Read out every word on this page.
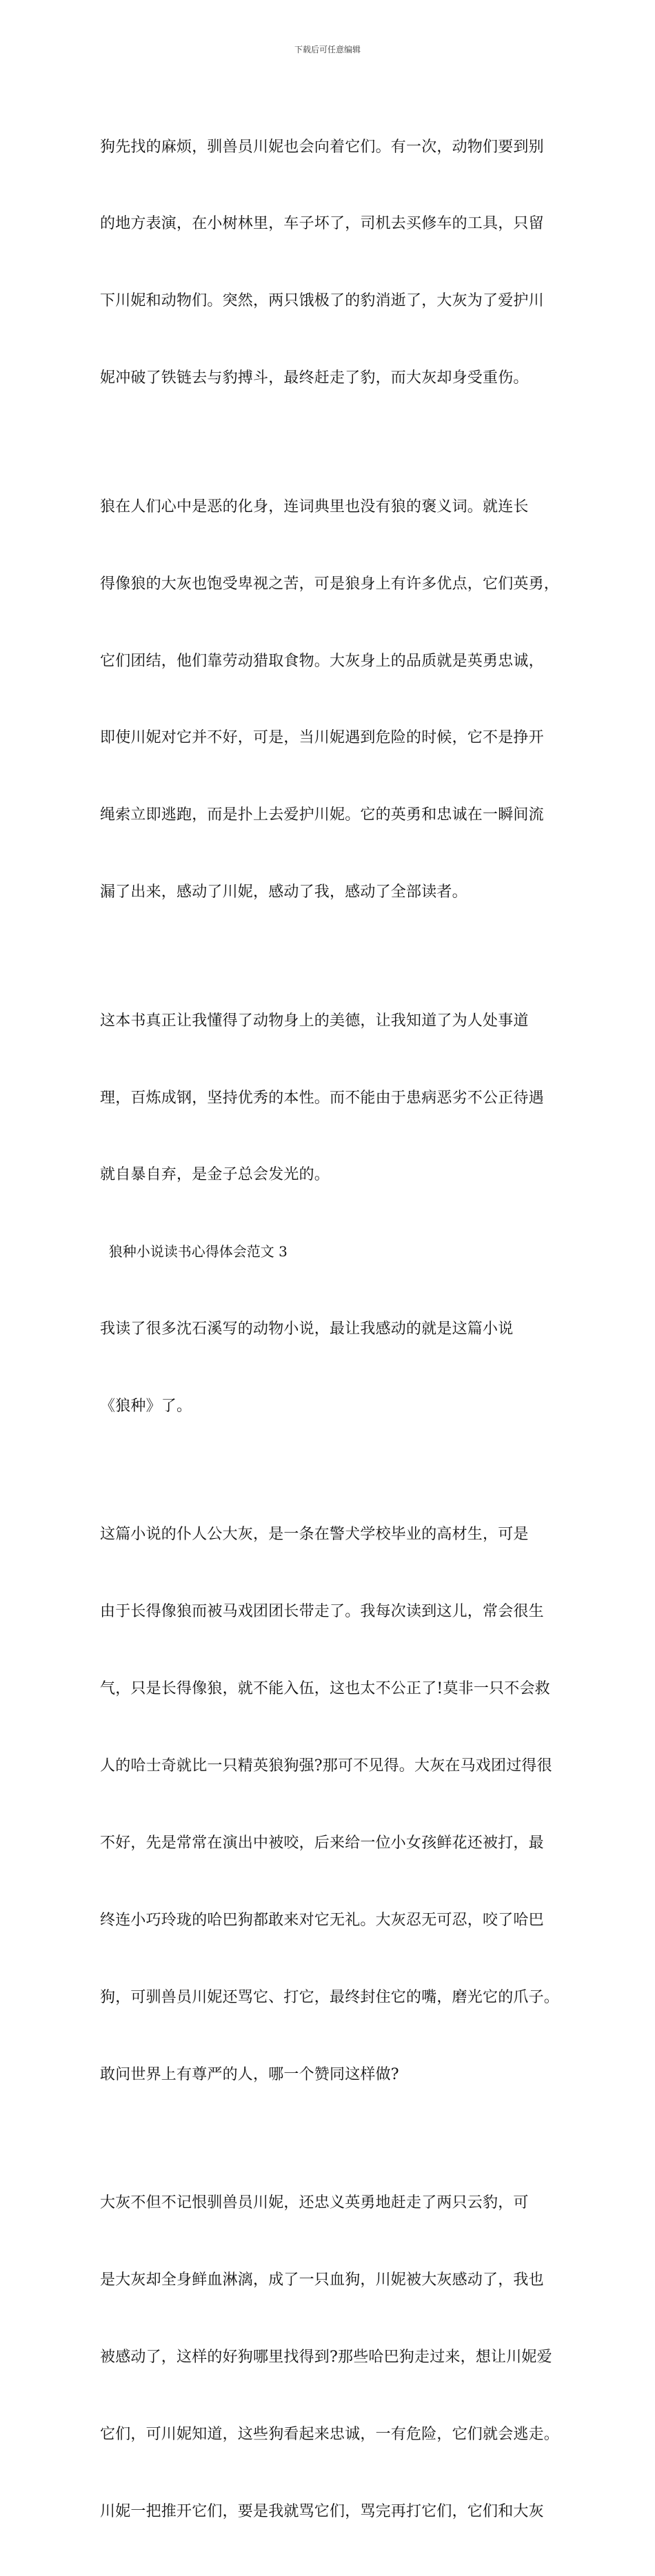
下载后可任意编辑

狗先找的麻烦，驯兽员川妮也会向着它们。有一次，动物们要到别

的地方表演，在小树林里，车子坏了，司机去买修车的工具，只留

下川妮和动物们。突然，两只饿极了的豹消逝了，大灰为了爱护川

妮冲破了铁链去与豹搏斗，最终赶走了豹，而大灰却身受重伤。

狼在人们心中是恶的化身，连词典里也没有狼的褒义词。就连长

得像狼的大灰也饱受卑视之苦，可是狼身上有许多优点，它们英勇，

它们团结，他们靠劳动猎取食物。大灰身上的品质就是英勇忠诚，

即使川妮对它并不好，可是，当川妮遇到危险的时候，它不是挣开

绳索立即逃跑，而是扑上去爱护川妮。它的英勇和忠诚在一瞬间流

漏了出来，感动了川妮，感动了我，感动了全部读者。

这本书真正让我懂得了动物身上的美德，让我知道了为人处事道

理，百炼成钢，坚持优秀的本性。而不能由于患病恶劣不公正待遇

就自暴自弃，是金子总会发光的。

狼种小说读书心得体会范文 3

我读了很多沈石溪写的动物小说，最让我感动的就是这篇小说

《狼种》了。

这篇小说的仆人公大灰，是一条在警犬学校毕业的高材生，可是

由于长得像狼而被马戏团团长带走了。我每次读到这儿，常会很生

气，只是长得像狼，就不能入伍，这也太不公正了!莫非一只不会救

人的哈士奇就比一只精英狼狗强?那可不见得。大灰在马戏团过得很

不好，先是常常在演出中被咬，后来给一位小女孩鲜花还被打，最

终连小巧玲珑的哈巴狗都敢来对它无礼。大灰忍无可忍，咬了哈巴

狗，可驯兽员川妮还骂它、打它，最终封住它的嘴，磨光它的爪子。

敢问世界上有尊严的人，哪一个赞同这样做?

大灰不但不记恨驯兽员川妮，还忠义英勇地赶走了两只云豹，可

是大灰却全身鲜血淋漓，成了一只血狗，川妮被大灰感动了，我也

被感动了，这样的好狗哪里找得到?那些哈巴狗走过来，想让川妮爱

它们，可川妮知道，这些狗看起来忠诚，一有危险，它们就会逃走。

川妮一把推开它们，要是我就骂它们，骂完再打它们，它们和大灰
